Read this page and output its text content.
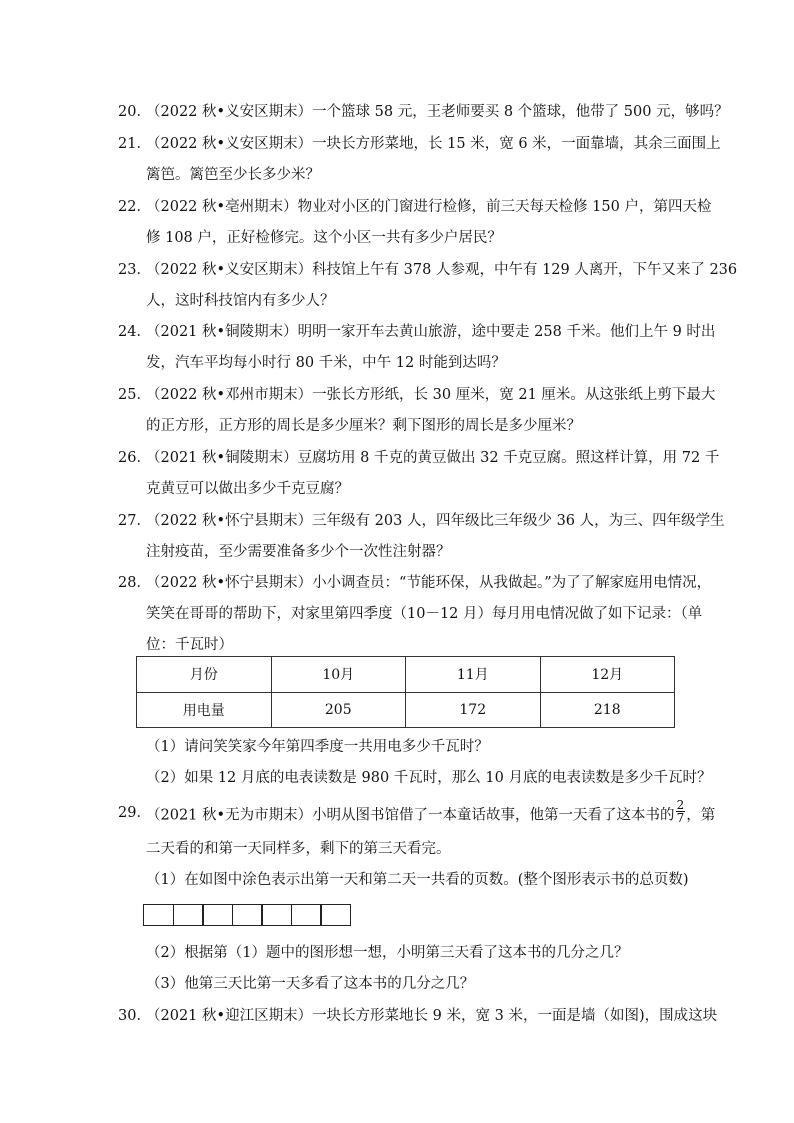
20．
（2022 秋•义安区期末）一个篮球 58 元，王老师要买 8 个篮球，他带了 500 元，够吗？
21．
（2022 秋•义安区期末）一块长方形菜地，长 15 米，宽 6 米，一面靠墙，其余三面围上
篱笆。篱笆至少长多少米？
22．
（2022 秋•亳州期末）物业对小区的门窗进行检修，前三天每天检修 150 户，第四天检
修 108 户，正好检修完。这个小区一共有多少户居民？
23．
（2022 秋•义安区期末）科技馆上午有 378 人参观，中午有 129 人离开，下午又来了 236
人，这时科技馆内有多少人？
24．
（2021 秋•铜陵期末）明明一家开车去黄山旅游，途中要走 258 千米。他们上午 9 时出
发，汽车平均每小时行 80 千米，中午 12 时能到达吗？
25．
（2022 秋•邓州市期末）一张长方形纸，长 30 厘米，宽 21 厘米。从这张纸上剪下最大
的正方形，正方形的周长是多少厘米？剩下图形的周长是多少厘米？
26．
（2021 秋•铜陵期末）豆腐坊用 8 千克的黄豆做出 32 千克豆腐。照这样计算，用 72 千
克黄豆可以做出多少千克豆腐？
27．
（2022 秋•怀宁县期末）三年级有 203 人，四年级比三年级少 36 人，为三、四年级学生
注射疫苗，至少需要准备多少个一次性注射器？
28．
（2022 秋•怀宁县期末）小小调查员：“节能环保，从我做起。”为了了解家庭用电情况，
笑笑在哥哥的帮助下，对家里第四季度（10－12 月）每月用电情况做了如下记录：（单
位：千瓦时）
月份	10月	11月	12月
用电量	205	172	218
（1）请问笑笑家今年第四季度一共用电多少千瓦时？
（2）如果 12 月底的电表读数是 980 千瓦时，那么 10 月底的电表读数是多少千瓦时？
29．
（2021 秋•无为市期末）小明从图书馆借了一本童话故事，他第一天看了这本书的 $\frac{2}{7}$ ，第
二天看的和第一天同样多，剩下的第三天看完。
（1）在如图中涂色表示出第一天和第二天一共看的页数。(整个图形表示书的总页数)
（2）根据第（1）题中的图形想一想，小明第三天看了这本书的几分之几？
（3）他第三天比第一天多看了这本书的几分之几？
30．
（2021 秋•迎江区期末）一块长方形菜地长 9 米，宽 3 米，一面是墙（如图)，围成这块
